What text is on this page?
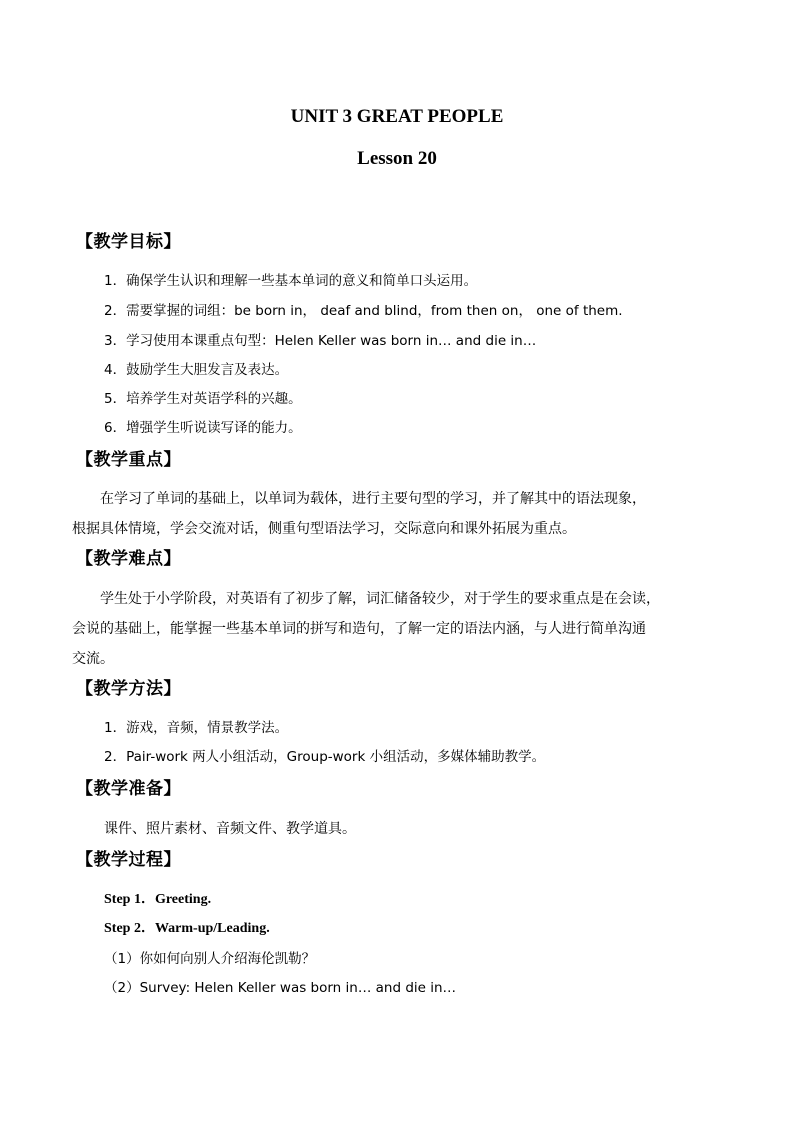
UNIT 3 GREAT PEOPLE
Lesson 20
【教学目标】
1．确保学生认识和理解一些基本单词的意义和简单口头运用。
2．需要掌握的词组：be born in， deaf and blind，from then on， one of them.
3．学习使用本课重点句型：Helen Keller was born in… and die in…
4．鼓励学生大胆发言及表达。
5．培养学生对英语学科的兴趣。
6．增强学生听说读写译的能力。
【教学重点】
在学习了单词的基础上，以单词为载体，进行主要句型的学习，并了解其中的语法现象，
根据具体情境，学会交流对话，侧重句型语法学习，交际意向和课外拓展为重点。
【教学难点】
学生处于小学阶段，对英语有了初步了解，词汇储备较少，对于学生的要求重点是在会读，
会说的基础上，能掌握一些基本单词的拼写和造句，了解一定的语法内涵，与人进行简单沟通
交流。
【教学方法】
1．游戏，音频，情景教学法。
2．Pair-work 两人小组活动，Group-work 小组活动，多媒体辅助教学。
【教学准备】
课件、照片素材、音频文件、教学道具。
【教学过程】
Step 1．Greeting.
Step 2．Warm-up/Leading.
（1）你如何向别人介绍海伦凯勒？
（2）Survey: Helen Keller was born in… and die in…
